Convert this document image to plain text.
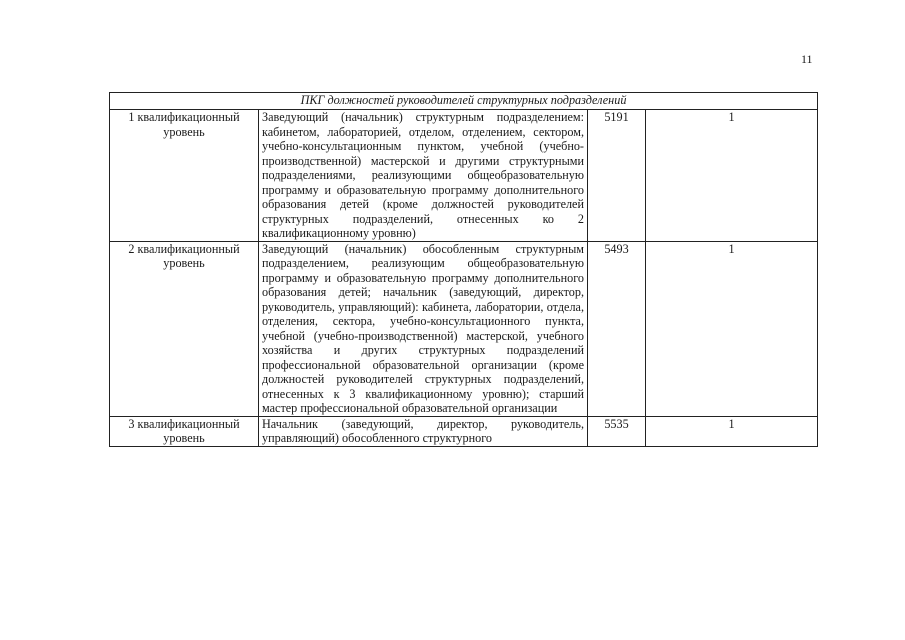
11
ПКГ должностей руководителей структурных подразделений			
1 квалификационный уровень	Заведующий (начальник) структурным подразделением: кабинетом, лабораторией, отделом, отделением, сектором, учебно-консультационным пунктом, учебной (учебно-производственной) мастерской и другими структурными подразделениями, реализующими общеобразовательную программу и образовательную программу дополнительного образования детей (кроме должностей руководителей структурных подразделений, отнесенных ко 2 квалификационному уровню)	5191	1
2 квалификационный уровень	Заведующий (начальник) обособленным структурным подразделением, реализующим общеобразовательную программу и образовательную программу дополнительного образования детей; начальник (заведующий, директор, руководитель, управляющий): кабинета, лаборатории, отдела, отделения, сектора, учебно-консультационного пункта, учебной (учебно-производственной) мастерской, учебного хозяйства и других структурных подразделений профессиональной образовательной организации (кроме должностей руководителей структурных подразделений, отнесенных к 3 квалификационному уровню); старший мастер профессиональной образовательной организации	5493	1
3 квалификационный уровень	Начальник (заведующий, директор, руководитель, управляющий) обособленного структурного	5535	1
